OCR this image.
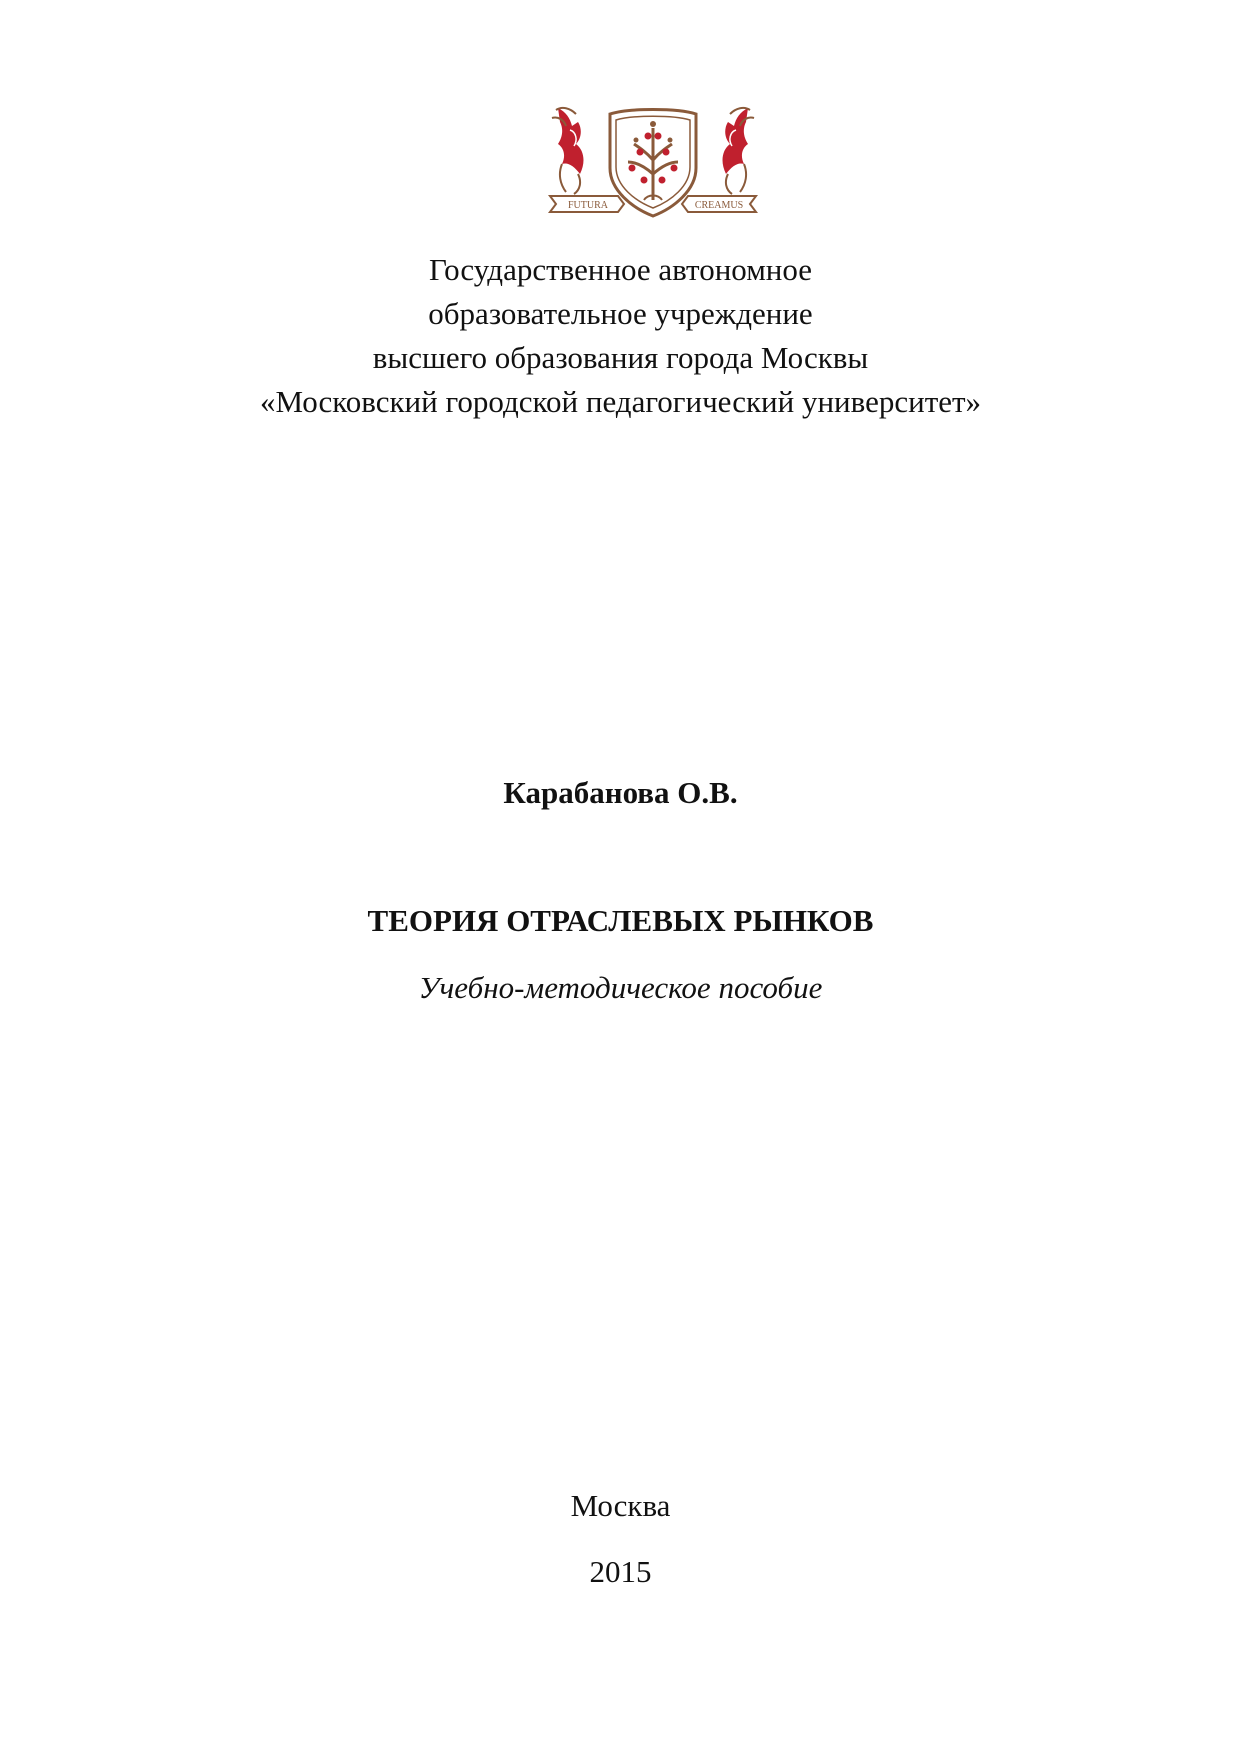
FUTURA	CREAMUS
Государственное автономное
образовательное учреждение
высшего образования города Москвы
«Московский городской педагогический университет»
Карабанова О.В.
ТЕОРИЯ ОТРАСЛЕВЫХ РЫНКОВ
Учебно-методическое пособие
Москва
2015
